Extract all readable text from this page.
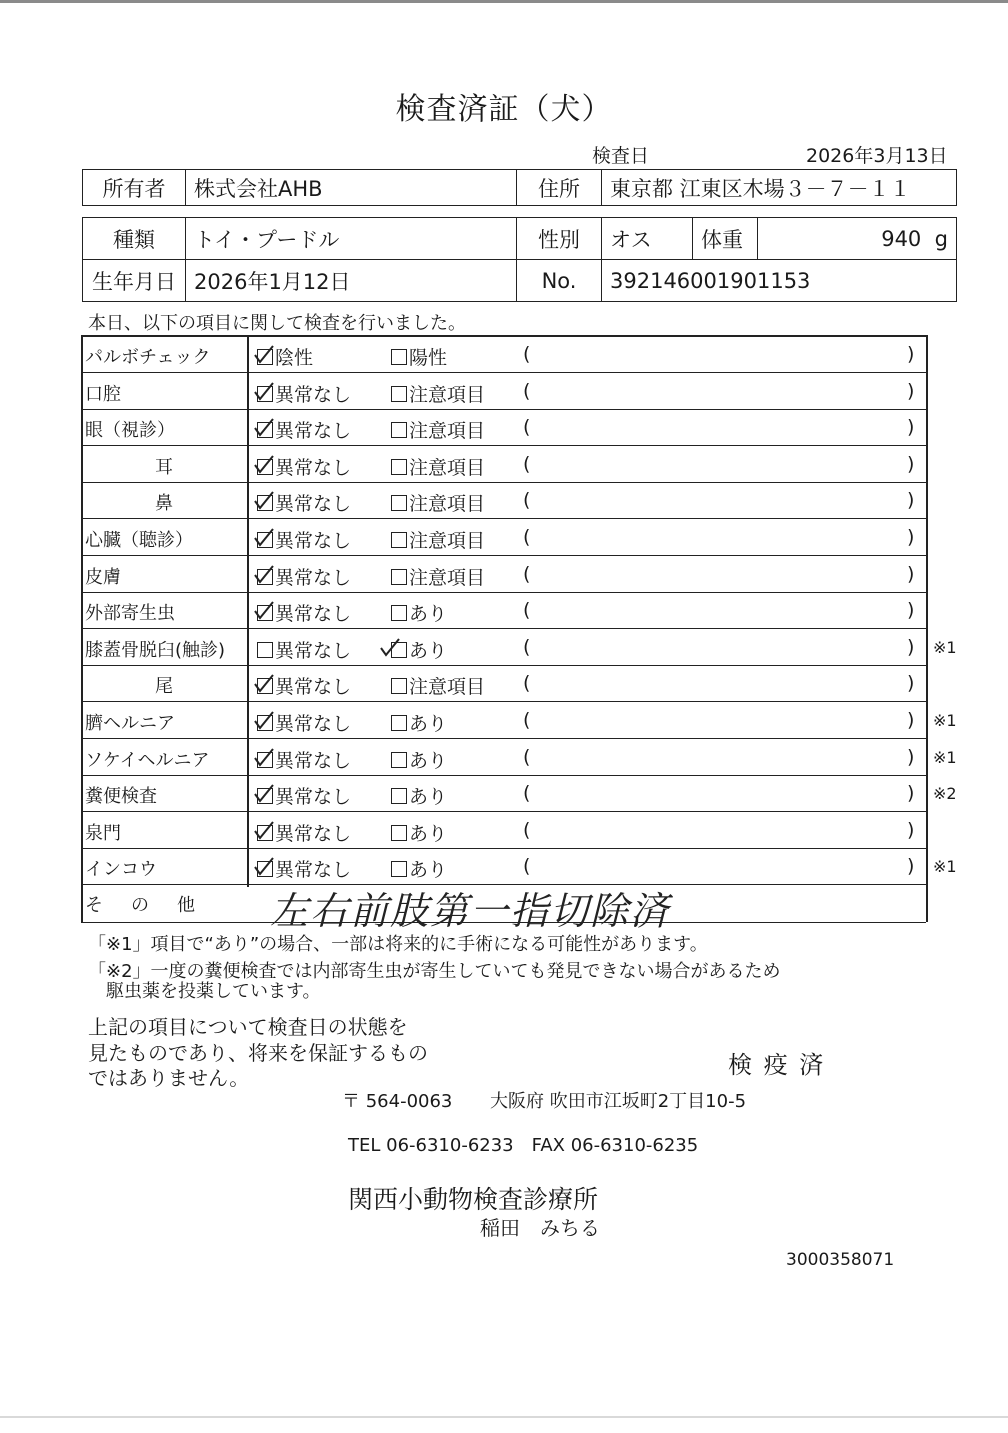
検査済証（犬）
検査日	2026年3月13日
所有者	株式会社AHB	住所	東京都 江東区木場３－７－１１
種類	トイ・プードル	性別	オス	体重	940 g
生年月日	2026年1月12日	No.	392146001901153		
本日、以下の項目に関して検査を行いました。
パルボチェック	陰性	陽性	(	)
口腔	異常なし	注意項目 (	)
眼（視診）	異常なし	注意項目 (	)
耳	異常なし	注意項目 (	)
鼻	異常なし	注意項目 (	)
心臓（聴診）	異常なし	注意項目 (	)
皮膚	異常なし	注意項目 (	)
外部寄生虫	異常なし	あり	(	)
膝蓋骨脱臼(触診)	異常なし	あり	(	) ※1
尾	異常なし	注意項目 (	)
臍ヘルニア	異常なし	あり	(	) ※1
ソケイヘルニア	異常なし	あり	(	) ※1
糞便検査	異常なし	あり	(	) ※2
泉門	異常なし	あり	(	)
インコウ	異常なし	あり	(	) ※1
その他	左右前肢第一指切除済
「※1」項目で“あり”の場合、一部は将来的に手術になる可能性があります。
「※2」一度の糞便検査では内部寄生虫が寄生していても発見できない場合があるため
駆虫薬を投薬しています。
上記の項目について検査日の状態を
見たものであり、将来を保証するもの
ではありません。	検 疫 済
〒 564-0063 大阪府 吹田市江坂町2丁目10-5
TEL 06-6310-6233　FAX 06-6310-6235
関西小動物検査診療所
稲田　みちる
3000358071
